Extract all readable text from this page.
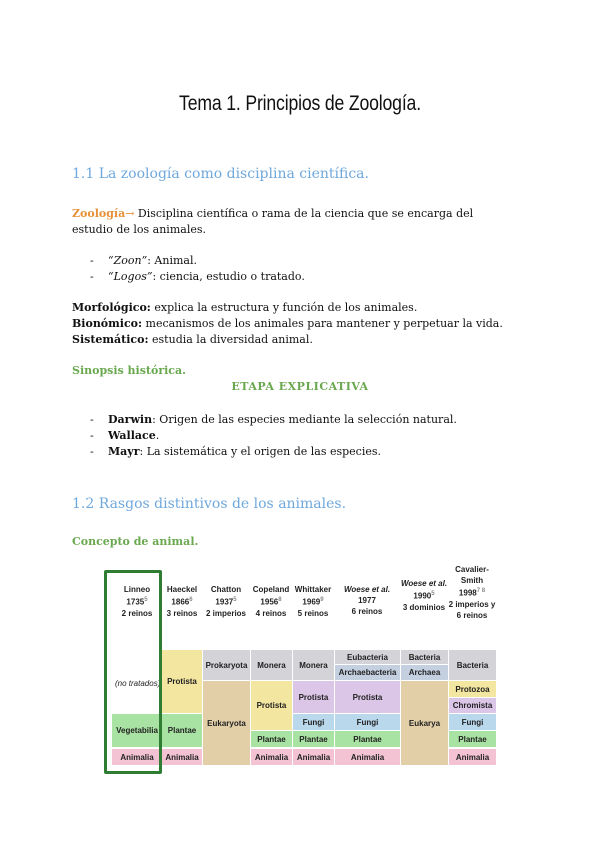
Tema 1. Principios de Zoología.
1.1 La zoología como disciplina científica.
Zoología→ Disciplina científica o rama de la ciencia que se encarga del estudio de los animales.
- “Zoon”: Animal.
- “Logos”: ciencia, estudio o tratado.
Morfológico: explica la estructura y función de los animales.
Bionómico: mecanismos de los animales para mantener y perpetuar la vida.
Sistemático: estudia la diversidad animal.
Sinopsis histórica.
ETAPA EXPLICATIVA
- Darwin: Origen de las especies mediante la selección natural.
- Wallace.
- Mayr: La sistemática y el origen de las especies.
1.2 Rasgos distintivos de los animales.
Concepto de animal.
Linneo
1735$^5$
2 reinos
Haeckel
1866$^6$
3 reinos
Chatton
1937$^5$
2 imperios
Copeland
1956$^8$
4 reinos
Whittaker
1969$^9$
5 reinos
Woese et al.
1977
6 reinos
Woese et al.
1990$^5$
3 dominios
Cavalier-Smith
$1998^{7 8}$
2 imperios y 6 reinos
(no tratados)
Vegetabilia
Animalia
Protista
Plantae
Animalia
Prokaryota
Eukaryota
Monera
Protista
Plantae
Animalia
Monera
Protista
Fungi
Plantae
Animalia
Eubacteria
Archaebacteria
Protista
Fungi
Plantae
Animalia
Bacteria
Archaea
Eukarya
Bacteria
Protozoa
Chromista
Fungi
Plantae
Animalia
